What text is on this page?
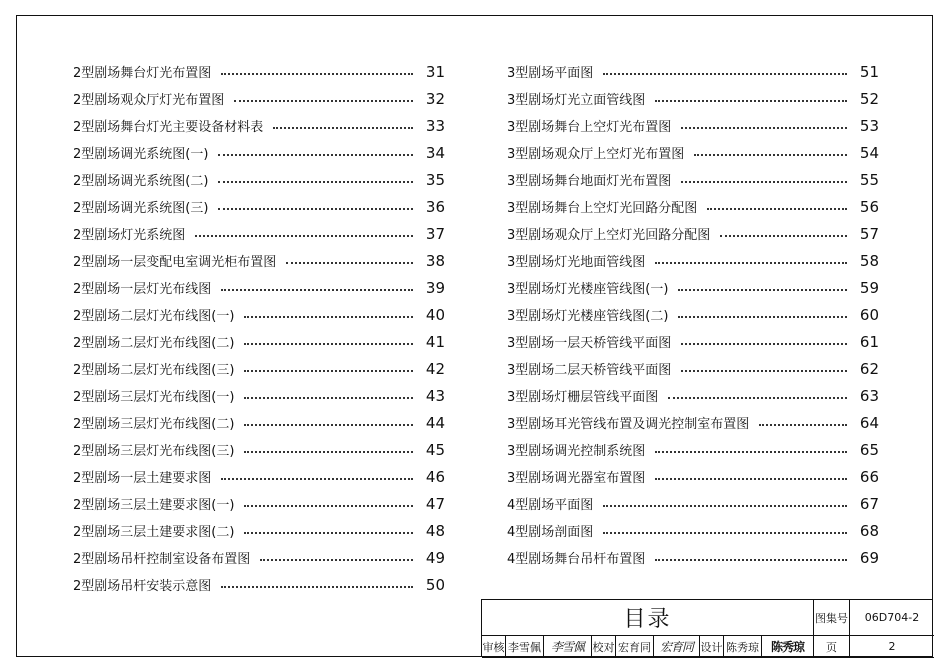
2型剧场舞台灯光布置图	31
2型剧场观众厅灯光布置图	32
2型剧场舞台灯光主要设备材料表	33
2型剧场调光系统图(一)	34
2型剧场调光系统图(二)	35
2型剧场调光系统图(三)	36
2型剧场灯光系统图	37
2型剧场一层变配电室调光柜布置图	38
2型剧场一层灯光布线图	39
2型剧场二层灯光布线图(一)	40
2型剧场二层灯光布线图(二)	41
2型剧场二层灯光布线图(三)	42
2型剧场三层灯光布线图(一)	43
2型剧场三层灯光布线图(二)	44
2型剧场三层灯光布线图(三)	45
2型剧场一层土建要求图	46
2型剧场三层土建要求图(一)	47
2型剧场三层土建要求图(二)	48
2型剧场吊杆控制室设备布置图	49
2型剧场吊杆安装示意图	50
3型剧场平面图	51
3型剧场灯光立面管线图	52
3型剧场舞台上空灯光布置图	53
3型剧场观众厅上空灯光布置图	54
3型剧场舞台地面灯光布置图	55
3型剧场舞台上空灯光回路分配图	56
3型剧场观众厅上空灯光回路分配图	57
3型剧场灯光地面管线图	58
3型剧场灯光楼座管线图(一)	59
3型剧场灯光楼座管线图(二)	60
3型剧场一层天桥管线平面图	61
3型剧场二层天桥管线平面图	62
3型剧场灯栅层管线平面图	63
3型剧场耳光管线布置及调光控制室布置图	64
3型剧场调光控制系统图	65
3型剧场调光器室布置图	66
4型剧场平面图	67
4型剧场剖面图	68
4型剧场舞台吊杆布置图	69
目录	图集号	06D704-2
审核 李雪佩 李雪佩 校对 宏育同 宏育同 设计 陈秀琼 陈秀琼	页	2
